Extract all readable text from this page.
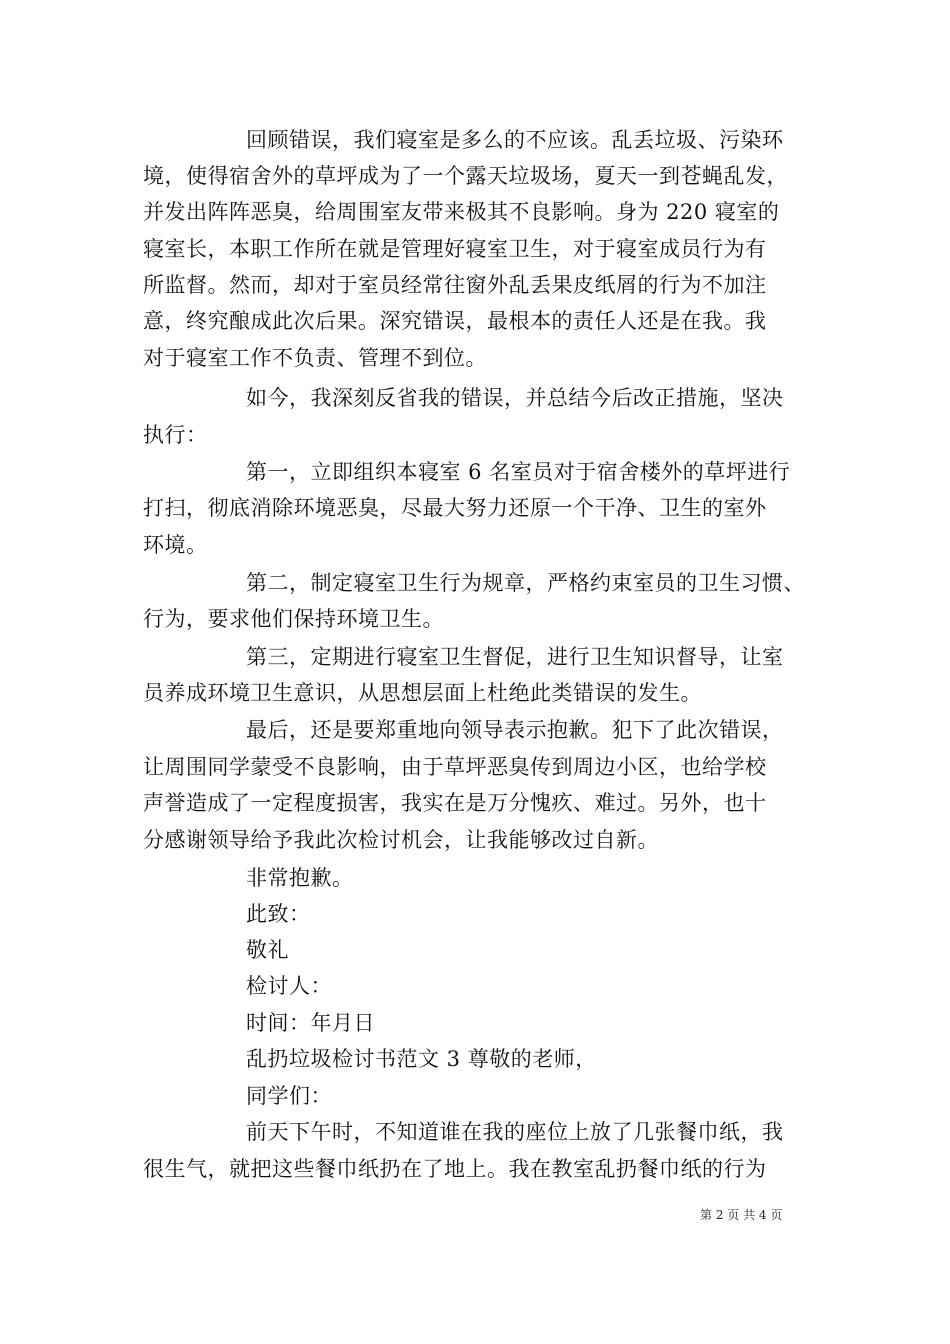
回顾错误，我们寝室是多么的不应该。乱丢垃圾、污染环
境，使得宿舍外的草坪成为了一个露天垃圾场，夏天一到苍蝇乱发，
并发出阵阵恶臭，给周围室友带来极其不良影响。身为 220 寝室的
寝室长，本职工作所在就是管理好寝室卫生，对于寝室成员行为有
所监督。然而，却对于室员经常往窗外乱丢果皮纸屑的行为不加注
意，终究酿成此次后果。深究错误，最根本的责任人还是在我。我
对于寝室工作不负责、管理不到位。
如今，我深刻反省我的错误，并总结今后改正措施，坚决
执行：
第一，立即组织本寝室 6 名室员对于宿舍楼外的草坪进行
打扫，彻底消除环境恶臭，尽最大努力还原一个干净、卫生的室外
环境。
第二，制定寝室卫生行为规章，严格约束室员的卫生习惯、
行为，要求他们保持环境卫生。
第三，定期进行寝室卫生督促，进行卫生知识督导，让室
员养成环境卫生意识，从思想层面上杜绝此类错误的发生。
最后，还是要郑重地向领导表示抱歉。犯下了此次错误，
让周围同学蒙受不良影响，由于草坪恶臭传到周边小区，也给学校
声誉造成了一定程度损害，我实在是万分愧疚、难过。另外，也十
分感谢领导给予我此次检讨机会，让我能够改过自新。
非常抱歉。
此致：
敬礼
检讨人：
时间：年月日
乱扔垃圾检讨书范文 3 尊敬的老师，
同学们：
前天下午时，不知道谁在我的座位上放了几张餐巾纸，我
很生气，就把这些餐巾纸扔在了地上。我在教室乱扔餐巾纸的行为
第 2 页 共 4 页
